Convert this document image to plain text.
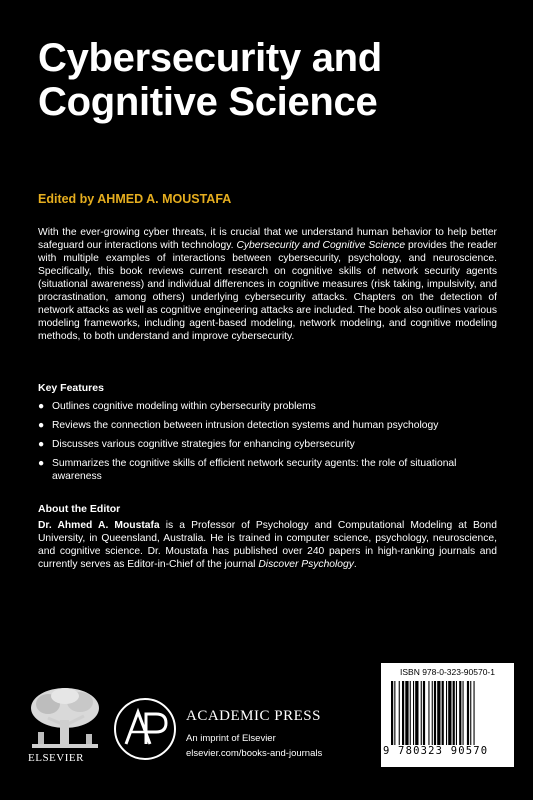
Cybersecurity and Cognitive Science
Edited by AHMED A. MOUSTAFA
With the ever-growing cyber threats, it is crucial that we understand human behavior to help better safeguard our interactions with technology. Cybersecurity and Cognitive Science provides the reader with multiple examples of interactions between cybersecurity, psychology, and neuroscience. Specifically, this book reviews current research on cognitive skills of network security agents (situational awareness) and individual differences in cognitive measures (risk taking, impulsivity, and procrastination, among others) underlying cybersecurity attacks. Chapters on the detection of network attacks as well as cognitive engineering attacks are included. The book also outlines various modeling frameworks, including agent-based modeling, network modeling, and cognitive modeling methods, to both understand and improve cybersecurity.
Key Features
● Outlines cognitive modeling within cybersecurity problems
● Reviews the connection between intrusion detection systems and human psychology
● Discusses various cognitive strategies for enhancing cybersecurity
● Summarizes the cognitive skills of efficient network security agents: the role of situational awareness
About the Editor
Dr. Ahmed A. Moustafa is a Professor of Psychology and Computational Modeling at Bond University, in Queensland, Australia. He is trained in computer science, psychology, neuroscience, and cognitive science. Dr. Moustafa has published over 240 papers in high-ranking journals and currently serves as Editor-in-Chief of the journal Discover Psychology.
ELSEVIER
ACADEMIC PRESS
An imprint of Elsevier
elsevier.com/books-and-journals
ISBN 978-0-323-90570-1
9 780323 90570
